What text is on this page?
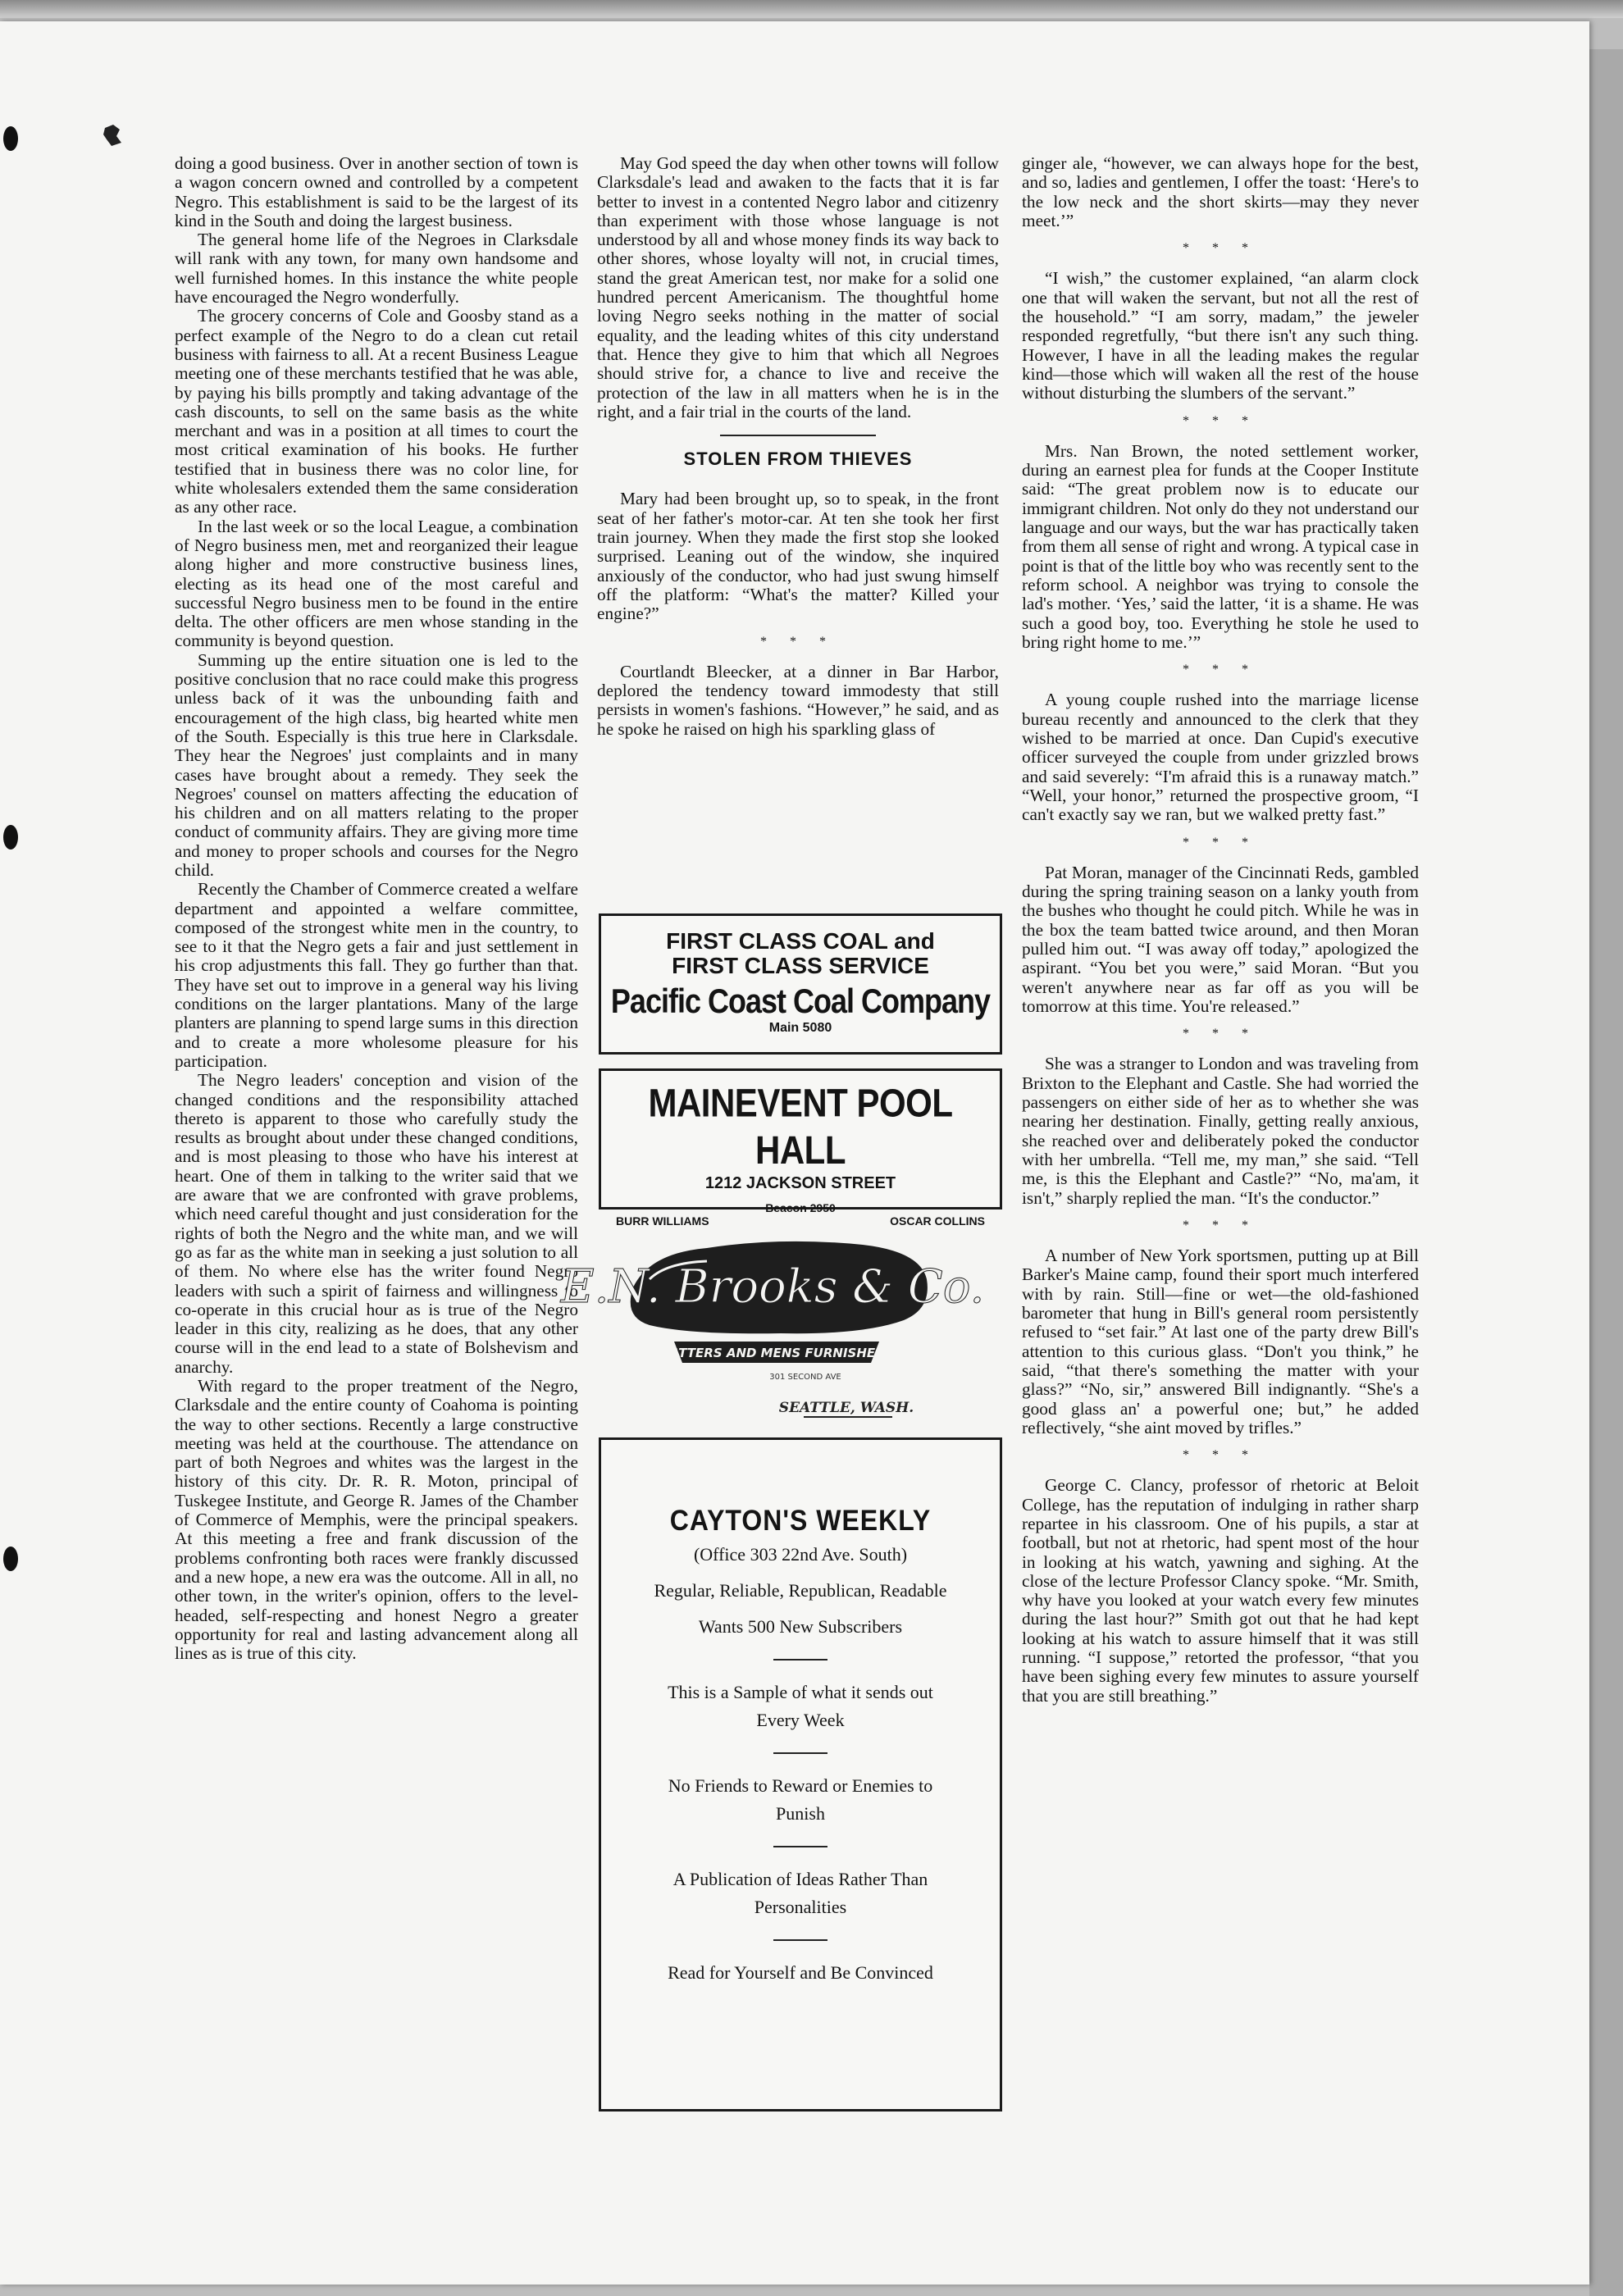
doing a good business. Over in another section of town is a wagon concern owned and controlled by a competent Negro. This establishment is said to be the largest of its kind in the South and doing the largest business.

The general home life of the Negroes in Clarksdale will rank with any town, for many own handsome and well furnished homes. In this instance the white people have encouraged the Negro wonderfully.

The grocery concerns of Cole and Goosby stand as a perfect example of the Negro to do a clean cut retail business with fairness to all. At a recent Business League meeting one of these merchants testified that he was able, by paying his bills promptly and taking advantage of the cash discounts, to sell on the same basis as the white merchant and was in a position at all times to court the most critical examination of his books. He further testified that in business there was no color line, for white wholesalers extended them the same consideration as any other race.

In the last week or so the local League, a combination of Negro business men, met and reorganized their league along higher and more constructive business lines, electing as its head one of the most careful and successful Negro business men to be found in the entire delta. The other officers are men whose standing in the community is beyond question.

Summing up the entire situation one is led to the positive conclusion that no race could make this progress unless back of it was the unbounding faith and encouragement of the high class, big hearted white men of the South. Especially is this true here in Clarksdale. They hear the Negroes' just complaints and in many cases have brought about a remedy. They seek the Negroes' counsel on matters affecting the education of his children and on all matters relating to the proper conduct of community affairs. They are giving more time and money to proper schools and courses for the Negro child.

Recently the Chamber of Commerce created a welfare department and appointed a welfare committee, composed of the strongest white men in the country, to see to it that the Negro gets a fair and just settlement in his crop adjustments this fall. They go further than that. They have set out to improve in a general way his living conditions on the larger plantations. Many of the large planters are planning to spend large sums in this direction and to create a more wholesome pleasure for his participation.

The Negro leaders' conception and vision of the changed conditions and the responsibility attached thereto is apparent to those who carefully study the results as brought about under these changed conditions, and is most pleasing to those who have his interest at heart. One of them in talking to the writer said that we are aware that we are confronted with grave problems, which need careful thought and just consideration for the rights of both the Negro and the white man, and we will go as far as the white man in seeking a just solution to all of them. No where else has the writer found Negro leaders with such a spirit of fairness and willingness to co-operate in this crucial hour as is true of the Negro leader in this city, realizing as he does, that any other course will in the end lead to a state of Bolshevism and anarchy.

With regard to the proper treatment of the Negro, Clarksdale and the entire county of Coahoma is pointing the way to other sections. Recently a large constructive meeting was held at the courthouse. The attendance on part of both Negroes and whites was the largest in the history of this city. Dr. R. R. Moton, principal of Tuskegee Institute, and George R. James of the Chamber of Commerce of Memphis, were the principal speakers. At this meeting a free and frank discussion of the problems confronting both races were frankly discussed and a new hope, a new era was the outcome. All in all, no other town, in the writer's opinion, offers to the level-headed, self-respecting and honest Negro a greater opportunity for real and lasting advancement along all lines as is true of this city.

May God speed the day when other towns will follow Clarksdale's lead and awaken to the facts that it is far better to invest in a contented Negro labor and citizenry than experiment with those whose language is not understood by all and whose money finds its way back to other shores, whose loyalty will not, in crucial times, stand the great American test, nor make for a solid one hundred percent Americanism. The thoughtful home loving Negro seeks nothing in the matter of social equality, and the leading whites of this city understand that. Hence they give to him that which all Negroes should strive for, a chance to live and receive the protection of the law in all matters when he is in the right, and a fair trial in the courts of the land.

STOLEN FROM THIEVES

Mary had been brought up, so to speak, in the front seat of her father's motor-car. At ten she took her first train journey. When they made the first stop she looked surprised. Leaning out of the window, she inquired anxiously of the conductor, who had just swung himself off the platform: “What's the matter? Killed your engine?”

* * *

Courtlandt Bleecker, at a dinner in Bar Harbor, deplored the tendency toward immodesty that still persists in women's fashions. “However,” he said, and as he spoke he raised on high his sparkling glass of

ginger ale, “however, we can always hope for the best, and so, ladies and gentlemen, I offer the toast: ‘Here's to the low neck and the short skirts—may they never meet.’”

* * *

“I wish,” the customer explained, “an alarm clock one that will waken the servant, but not all the rest of the household.” “I am sorry, madam,” the jeweler responded regretfully, “but there isn't any such thing. However, I have in all the leading makes the regular kind—those which will waken all the rest of the house without disturbing the slumbers of the servant.”

* * *

Mrs. Nan Brown, the noted settlement worker, during an earnest plea for funds at the Cooper Institute said: “The great problem now is to educate our immigrant children. Not only do they not understand our language and our ways, but the war has practically taken from them all sense of right and wrong. A typical case in point is that of the little boy who was recently sent to the reform school. A neighbor was trying to console the lad's mother. ‘Yes,’ said the latter, ‘it is a shame. He was such a good boy, too. Everything he stole he used to bring right home to me.’”

* * *

A young couple rushed into the marriage license bureau recently and announced to the clerk that they wished to be married at once. Dan Cupid's executive officer surveyed the couple from under grizzled brows and said severely: “I'm afraid this is a runaway match.” “Well, your honor,” returned the prospective groom, “I can't exactly say we ran, but we walked pretty fast.”

* * *

Pat Moran, manager of the Cincinnati Reds, gambled during the spring training season on a lanky youth from the bushes who thought he could pitch. While he was in the box the team batted twice around, and then Moran pulled him out. “I was away off today,” apologized the aspirant. “You bet you were,” said Moran. “But you weren't anywhere near as far off as you will be tomorrow at this time. You're released.”

* * *

She was a stranger to London and was traveling from Brixton to the Elephant and Castle. She had worried the passengers on either side of her as to whether she was nearing her destination. Finally, getting really anxious, she reached over and deliberately poked the conductor with her umbrella. “Tell me, my man,” she said. “Tell me, is this the Elephant and Castle?” “No, ma'am, it isn't,” sharply replied the man. “It's the conductor.”

* * *

A number of New York sportsmen, putting up at Bill Barker's Maine camp, found their sport much interfered with by rain. Still—fine or wet—the old-fashioned barometer that hung in Bill's general room persistently refused to “set fair.” At last one of the party drew Bill's attention to this curious glass. “Don't you think,” he said, “that there's something the matter with your glass?” “No, sir,” answered Bill indignantly. “She's a good glass an' a powerful one; but,” he added reflectively, “she aint moved by trifles.”

* * *

George C. Clancy, professor of rhetoric at Beloit College, has the reputation of indulging in rather sharp repartee in his classroom. One of his pupils, a star at football, but not at rhetoric, had spent most of the hour in looking at his watch, yawning and sighing. At the close of the lecture Professor Clancy spoke. “Mr. Smith, why have you looked at your watch every few minutes during the last hour?” Smith got out that he had kept looking at his watch to assure himself that it was still running. “I suppose,” retorted the professor, “that you have been sighing every few minutes to assure yourself that you are still breathing.”

FIRST CLASS COAL and
FIRST CLASS SERVICE
Pacific Coast Coal Company
Main 5080
MAINEVENT POOL HALL
1212 JACKSON STREET
Beacon 2950
BURR WILLIAMS	OSCAR COLLINS
E.N. Brooks & Co.
HATTERS AND MENS FURNISHERS
301 SECOND AVE
SEATTLE, WASH.
CAYTON'S WEEKLY
(Office 303 22nd Ave. South)
Regular, Reliable, Republican, Readable
Wants 500 New Subscribers
This is a Sample of what it sends out
Every Week
No Friends to Reward or Enemies to
Punish
A Publication of Ideas Rather Than
Personalities
Read for Yourself and Be Convinced
